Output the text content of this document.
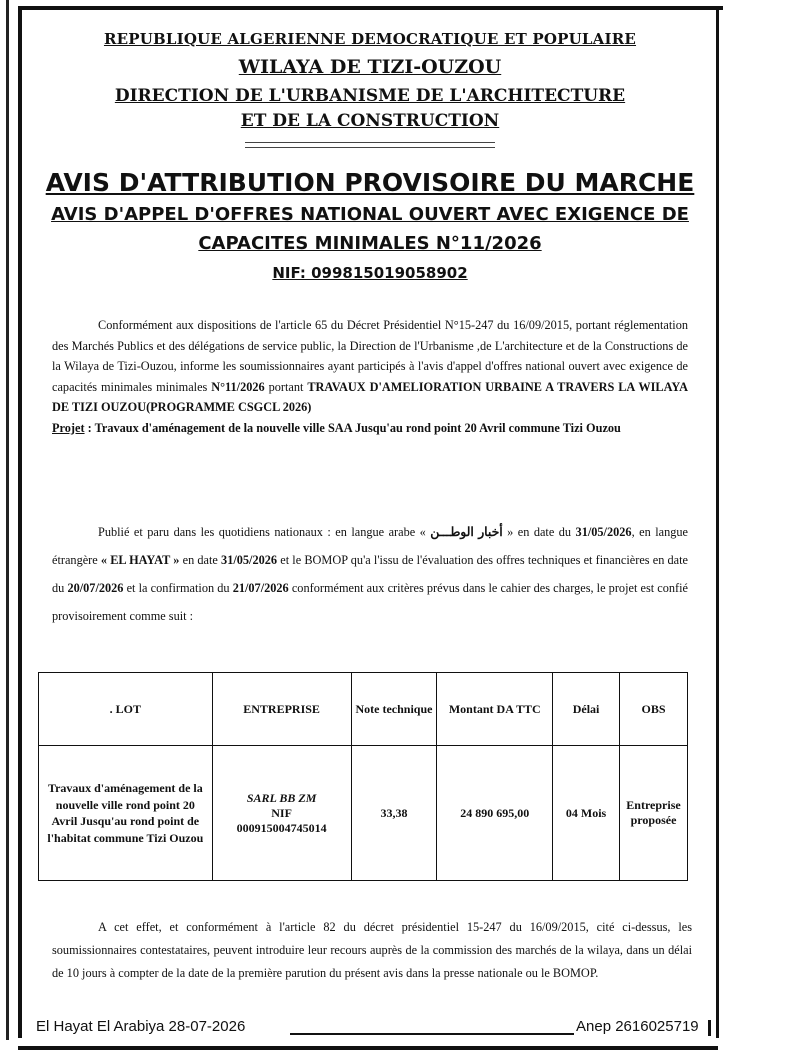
REPUBLIQUE ALGERIENNE DEMOCRATIQUE ET POPULAIRE
WILAYA DE TIZI-OUZOU
DIRECTION DE L'URBANISME DE L'ARCHITECTURE
ET DE LA CONSTRUCTION
AVIS D'ATTRIBUTION PROVISOIRE DU MARCHE
AVIS D'APPEL D'OFFRES NATIONAL OUVERT AVEC EXIGENCE DE
CAPACITES MINIMALES N°11/2026
NIF: 099815019058902
Conformément aux dispositions de l'article 65 du Décret Présidentiel N°15-247 du 16/09/2015, portant réglementation des Marchés Publics et des délégations de service public, la Direction de l'Urbanisme ,de L'architecture et de la Constructions de la Wilaya de Tizi-Ouzou, informe les soumissionnaires ayant participés à l'avis d'appel d'offres national ouvert avec exigence de capacités minimales minimales N°11/2026 portant TRAVAUX D'AMELIORATION URBAINE A TRAVERS LA WILAYA DE TIZI OUZOU(PROGRAMME CSGCL 2026)
Projet : Travaux d'aménagement de la nouvelle ville SAA Jusqu'au rond point 20 Avril commune Tizi Ouzou
Publié et paru dans les quotidiens nationaux : en langue arabe « أخبار الوطـــن » en date du 31/05/2026, en langue étrangère « EL HAYAT » en date 31/05/2026 et le BOMOP qu'a l'issu de l'évaluation des offres techniques et financières en date du 20/07/2026 et la confirmation du 21/07/2026 conformément aux critères prévus dans le cahier des charges, le projet est confié provisoirement comme suit :
. LOT	ENTREPRISE	Note technique	Montant DA TTC	Délai	OBS
Travaux d'aménagement de la nouvelle ville rond point 20 Avril Jusqu'au rond point de l'habitat commune Tizi Ouzou	SARL BB ZM
NIF
000915004745014	33,38	24 890 695,00	04 Mois	Entreprise proposée
A cet effet, et conformément à l'article 82 du décret présidentiel 15-247 du 16/09/2015, cité ci-dessus, les soumissionnaires contestataires, peuvent introduire leur recours auprès de la commission des marchés de la wilaya, dans un délai de 10 jours à compter de la date de la première parution du présent avis dans la presse nationale ou le BOMOP.
El Hayat El Arabiya 28-07-2026	Anep 2616025719
